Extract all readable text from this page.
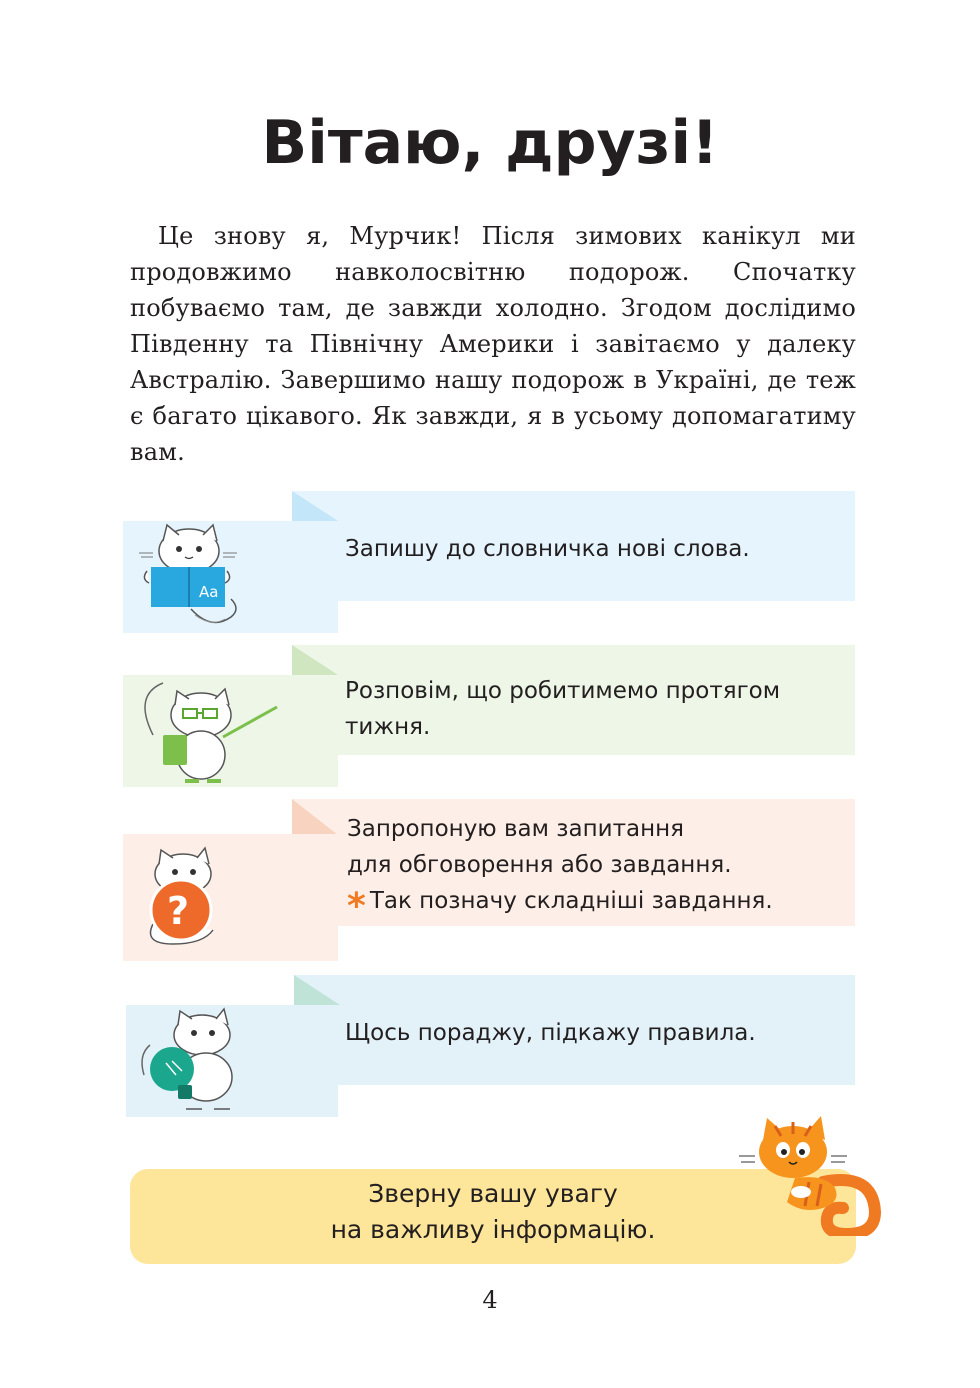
Вітаю, друзі!
Це знову я, Мурчик! Після зимових канікул ми продовжимо навколосвітню подорож. Спочатку побуваємо там, де завжди холодно. Згодом дослідимо Південну та Північну Америки і завітаємо у далеку Австралію. Завершимо нашу подорож в Україні, де теж є багато цікавого. Як завжди, я в усьому допомагатиму вам.
Aa
Запишу до словничка нові слова.
Розповім, що робитимемо протягом
тижня.
?
Запропоную вам запитання
для обговорення або завдання.
* Так позначу складніші завдання.
Щось пораджу, підкажу правила.
Зверну вашу увагу
на важливу інформацію.
4
